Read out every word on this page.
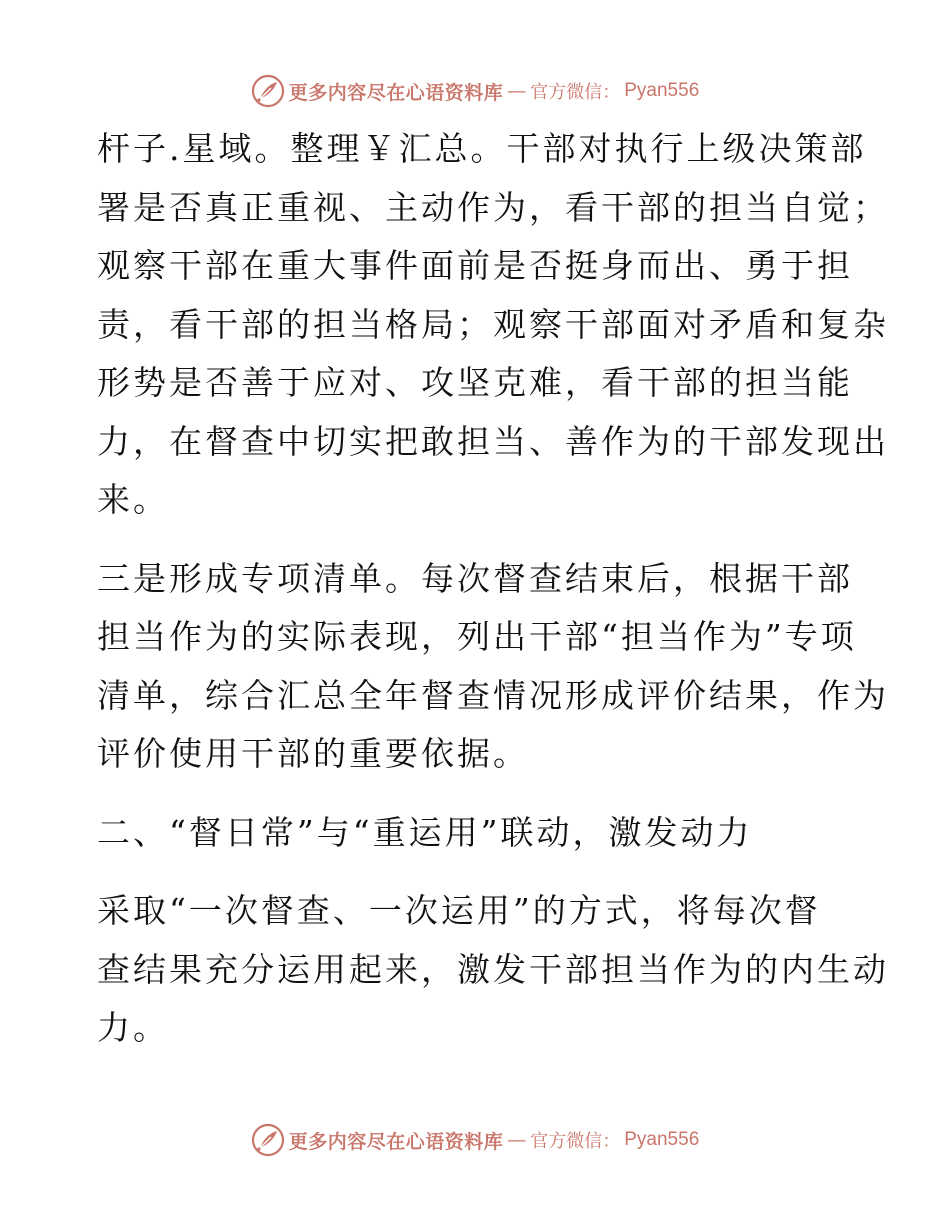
更多内容尽在心语资料库 — 官方微信： Pyan556

杆子.星域。整理￥汇总。干部对执行上级决策部
署是否真正重视、主动作为，看干部的担当自觉；
观察干部在重大事件面前是否挺身而出、勇于担
责，看干部的担当格局；观察干部面对矛盾和复杂
形势是否善于应对、攻坚克难，看干部的担当能
力，在督查中切实把敢担当、善作为的干部发现出
来。

三是形成专项清单。每次督查结束后，根据干部
担当作为的实际表现，列出干部“担当作为”专项
清单，综合汇总全年督查情况形成评价结果，作为
评价使用干部的重要依据。

二、“督日常”与“重运用”联动，激发动力

采取“一次督查、一次运用”的方式，将每次督
查结果充分运用起来，激发干部担当作为的内生动
力。

更多内容尽在心语资料库 — 官方微信： Pyan556
